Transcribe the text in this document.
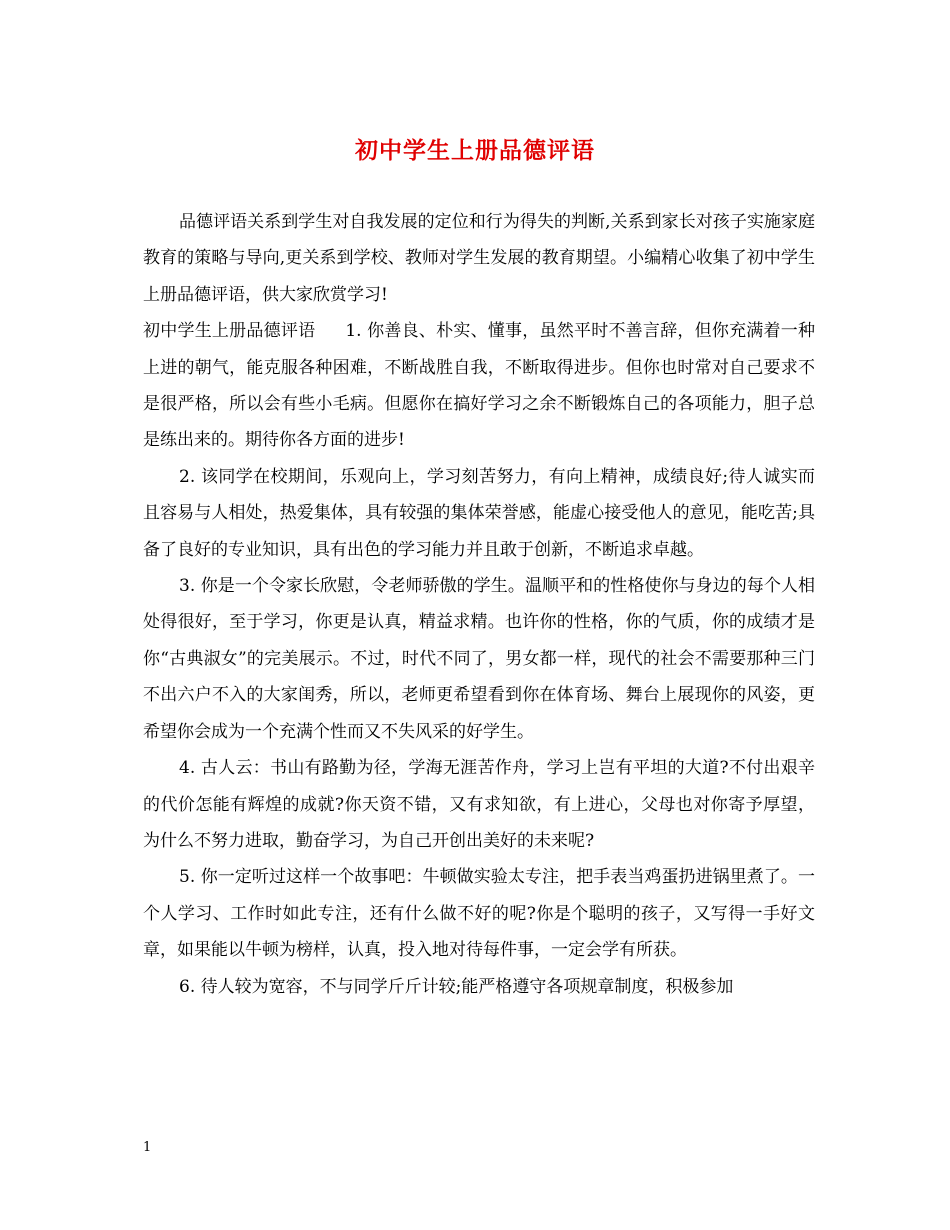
初中学生上册品德评语

品德评语关系到学生对自我发展的定位和行为得失的判断,关系到家长对孩子实施家庭教育的策略与导向,更关系到学校、教师对学生发展的教育期望。小编精心收集了初中学生上册品德评语，供大家欣赏学习!

初中学生上册品德评语 1. 你善良、朴实、懂事，虽然平时不善言辞，但你充满着一种上进的朝气，能克服各种困难，不断战胜自我，不断取得进步。但你也时常对自己要求不是很严格，所以会有些小毛病。但愿你在搞好学习之余不断锻炼自己的各项能力，胆子总是练出来的。期待你各方面的进步!

2. 该同学在校期间，乐观向上，学习刻苦努力，有向上精神，成绩良好;待人诚实而且容易与人相处，热爱集体，具有较强的集体荣誉感，能虚心接受他人的意见，能吃苦;具备了良好的专业知识，具有出色的学习能力并且敢于创新，不断追求卓越。

3. 你是一个令家长欣慰，令老师骄傲的学生。温顺平和的性格使你与身边的每个人相处得很好，至于学习，你更是认真，精益求精。也许你的性格，你的气质，你的成绩才是你“古典淑女”的完美展示。不过，时代不同了，男女都一样，现代的社会不需要那种三门不出六户不入的大家闺秀，所以，老师更希望看到你在体育场、舞台上展现你的风姿，更希望你会成为一个充满个性而又不失风采的好学生。

4. 古人云：书山有路勤为径，学海无涯苦作舟，学习上岂有平坦的大道?不付出艰辛的代价怎能有辉煌的成就?你天资不错，又有求知欲，有上进心，父母也对你寄予厚望，为什么不努力进取，勤奋学习，为自己开创出美好的未来呢?

5. 你一定听过这样一个故事吧：牛顿做实验太专注，把手表当鸡蛋扔进锅里煮了。一个人学习、工作时如此专注，还有什么做不好的呢?你是个聪明的孩子，又写得一手好文章，如果能以牛顿为榜样，认真，投入地对待每件事，一定会学有所获。

6. 待人较为宽容，不与同学斤斤计较;能严格遵守各项规章制度，积极参加

1
